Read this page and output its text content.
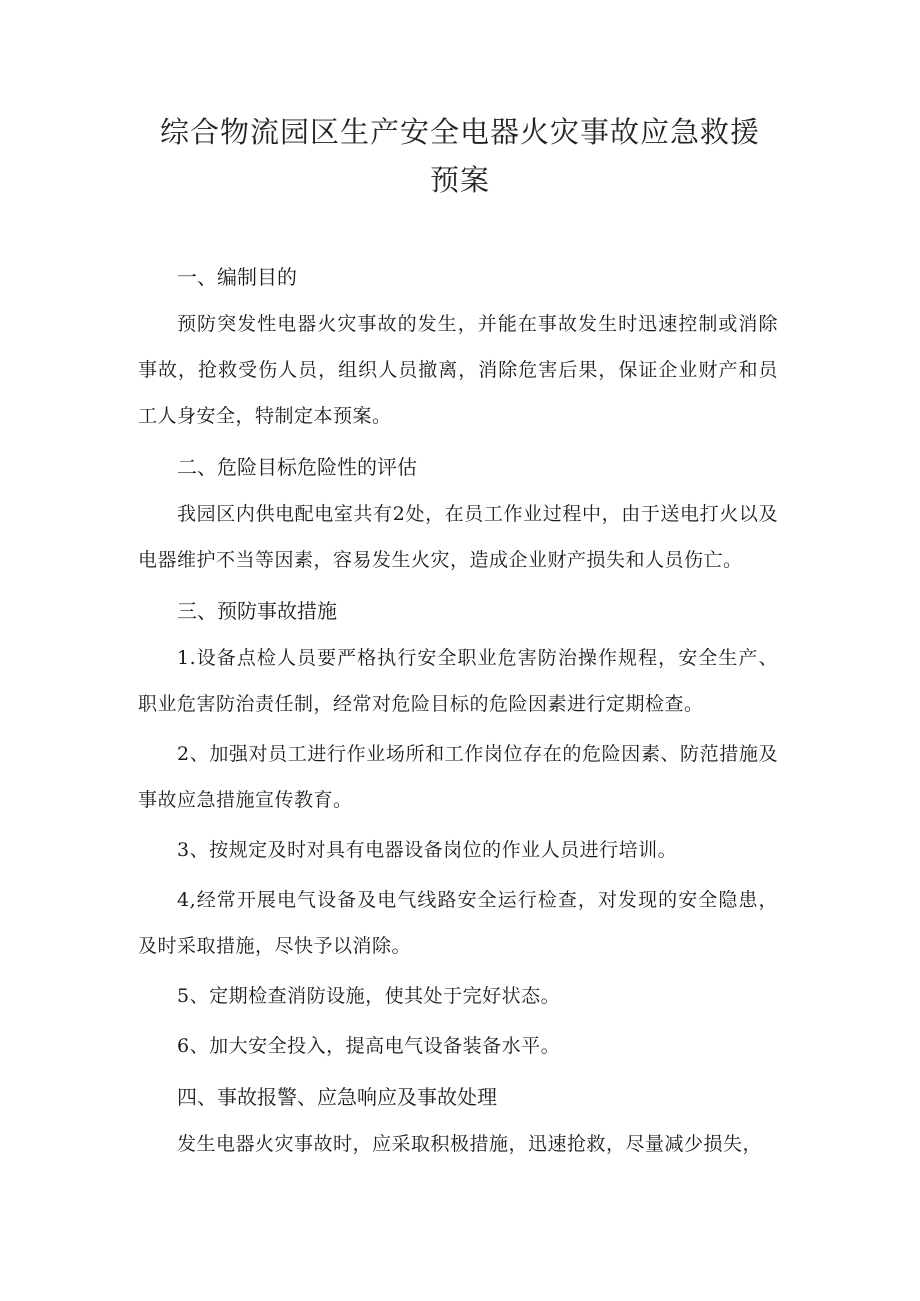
综合物流园区生产安全电器火灾事故应急救援预案
一、编制目的

预防突发性电器火灾事故的发生，并能在事故发生时迅速控制或消除事故，抢救受伤人员，组织人员撤离，消除危害后果，保证企业财产和员工人身安全，特制定本预案。

二、危险目标危险性的评估

我园区内供电配电室共有2处，在员工作业过程中，由于送电打火以及电器维护不当等因素，容易发生火灾，造成企业财产损失和人员伤亡。

三、预防事故措施

1.设备点检人员要严格执行安全职业危害防治操作规程，安全生产、职业危害防治责任制，经常对危险目标的危险因素进行定期检查。

2、加强对员工进行作业场所和工作岗位存在的危险因素、防范措施及事故应急措施宣传教育。

3、按规定及时对具有电器设备岗位的作业人员进行培训。

4,经常开展电气设备及电气线路安全运行检查，对发现的安全隐患，及时采取措施，尽快予以消除。

5、定期检查消防设施，使其处于完好状态。

6、加大安全投入，提高电气设备装备水平。

四、事故报警、应急响应及事故处理

发生电器火灾事故时，应采取积极措施，迅速抢救，尽量减少损失，
